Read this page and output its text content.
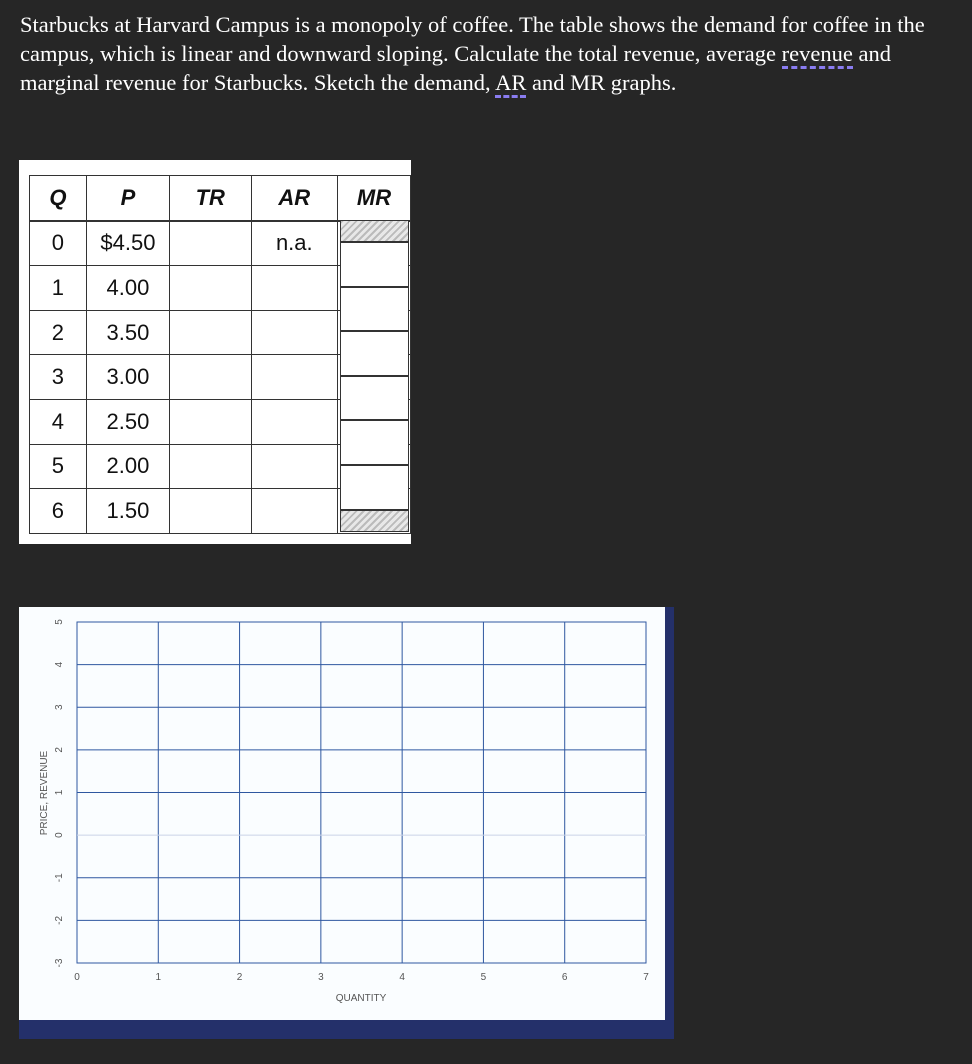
Starbucks at Harvard Campus is a monopoly of coffee. The table shows the demand for coffee in the campus, which is linear and downward sloping. Calculate the total revenue, average revenue and marginal revenue for Starbucks. Sketch the demand, AR and MR graphs.
Q	P	TR	AR	MR
0	$4.50		n.a.	
1	4.00			
2	3.50			
3	3.00			
4	2.50			
5	2.00			
6	1.50			
0	1	2	3	4	5	6	7
5
4
3
2
1
0
-1
-2
-3
QUANTITY
PRICE, REVENUE
